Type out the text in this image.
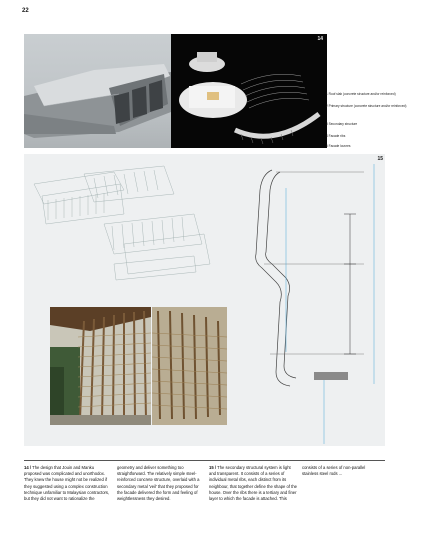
22
14
1 Roof slab (concrete structure and/or reinforced)
2 Primary structure (concrete structure and/or reinforced)
3 Secondary structure
4 Facade ribs
5 Facade louvres
15
14 / The design that Jouin and Manku proposed was complicated and unorthodox. They knew the house might not be realized if they suggested using a complex construction technique unfamiliar to Malaysian contractors, but they did not want to rationalize the
geometry and deliver something too straightforward. The relatively simple steel-reinforced concrete structure, overlaid with a secondary metal 'veil' that they proposed for the facade delivered the form and feeling of weightlessness they desired.
15 / The secondary structural system is light and transparent. It consists of a series of individual metal ribs, each distinct from its neighbour, that together define the shape of the house. Over the ribs there is a tertiary and finer layer to which the facade is attached. This
consists of a series of non-parallel stainless steel rods ...
